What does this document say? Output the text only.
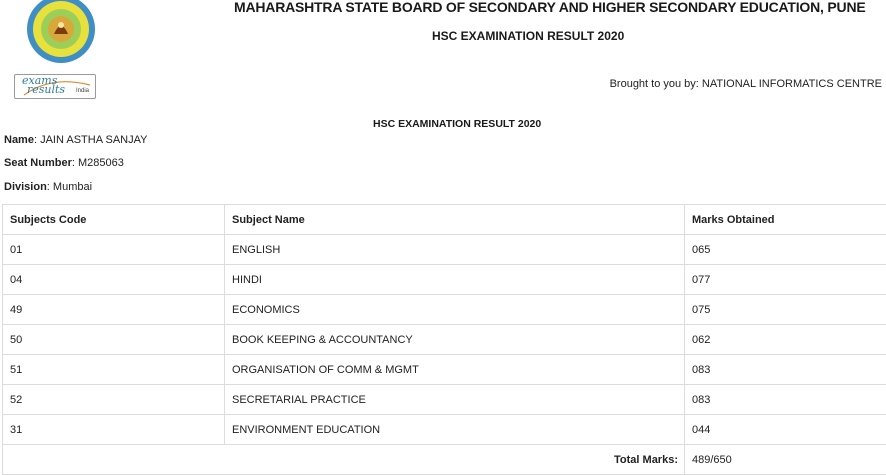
MAHARASHTRA STATE BOARD OF SECONDARY AND HIGHER SECONDARY EDUCATION, PUNE
HSC EXAMINATION RESULT 2020
exams
results India
Brought to you by: NATIONAL INFORMATICS CENTRE
HSC EXAMINATION RESULT 2020
Name: JAIN ASTHA SANJAY
Seat Number: M285063
Division: Mumbai
Subjects Code	Subject Name	Marks Obtained
01	ENGLISH	065
04	HINDI	077
49	ECONOMICS	075
50	BOOK KEEPING & ACCOUNTANCY	062
51	ORGANISATION OF COMM & MGMT	083
52	SECRETARIAL PRACTICE	083
31	ENVIRONMENT EDUCATION	044
Total Marks:		489/650
